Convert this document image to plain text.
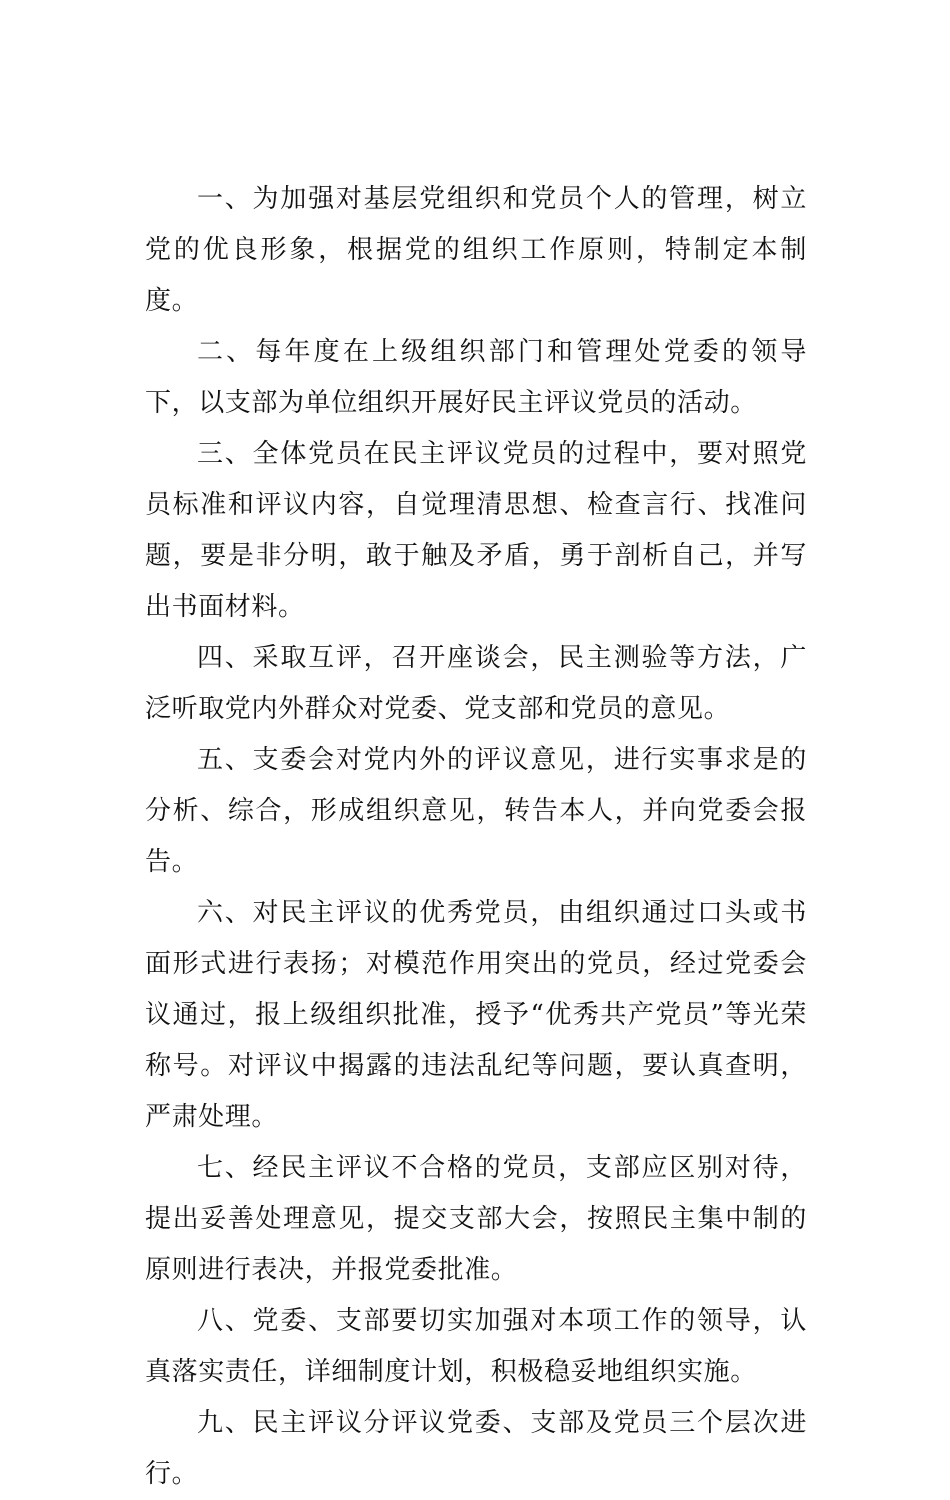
一、为加强对基层党组织和党员个人的管理，树立党的优良形象，根据党的组织工作原则，特制定本制度。

二、每年度在上级组织部门和管理处党委的领导下，以支部为单位组织开展好民主评议党员的活动。

三、全体党员在民主评议党员的过程中，要对照党员标准和评议内容，自觉理清思想、检查言行、找准问题，要是非分明，敢于触及矛盾，勇于剖析自己，并写出书面材料。

四、采取互评，召开座谈会，民主测验等方法，广泛听取党内外群众对党委、党支部和党员的意见。

五、支委会对党内外的评议意见，进行实事求是的分析、综合，形成组织意见，转告本人，并向党委会报告。

六、对民主评议的优秀党员，由组织通过口头或书面形式进行表扬；对模范作用突出的党员，经过党委会议通过，报上级组织批准，授予“优秀共产党员”等光荣称号。对评议中揭露的违法乱纪等问题，要认真查明，严肃处理。

七、经民主评议不合格的党员，支部应区别对待，提出妥善处理意见，提交支部大会，按照民主集中制的原则进行表决，并报党委批准。

八、党委、支部要切实加强对本项工作的领导，认真落实责任，详细制度计划，积极稳妥地组织实施。

九、民主评议分评议党委、支部及党员三个层次进行。
